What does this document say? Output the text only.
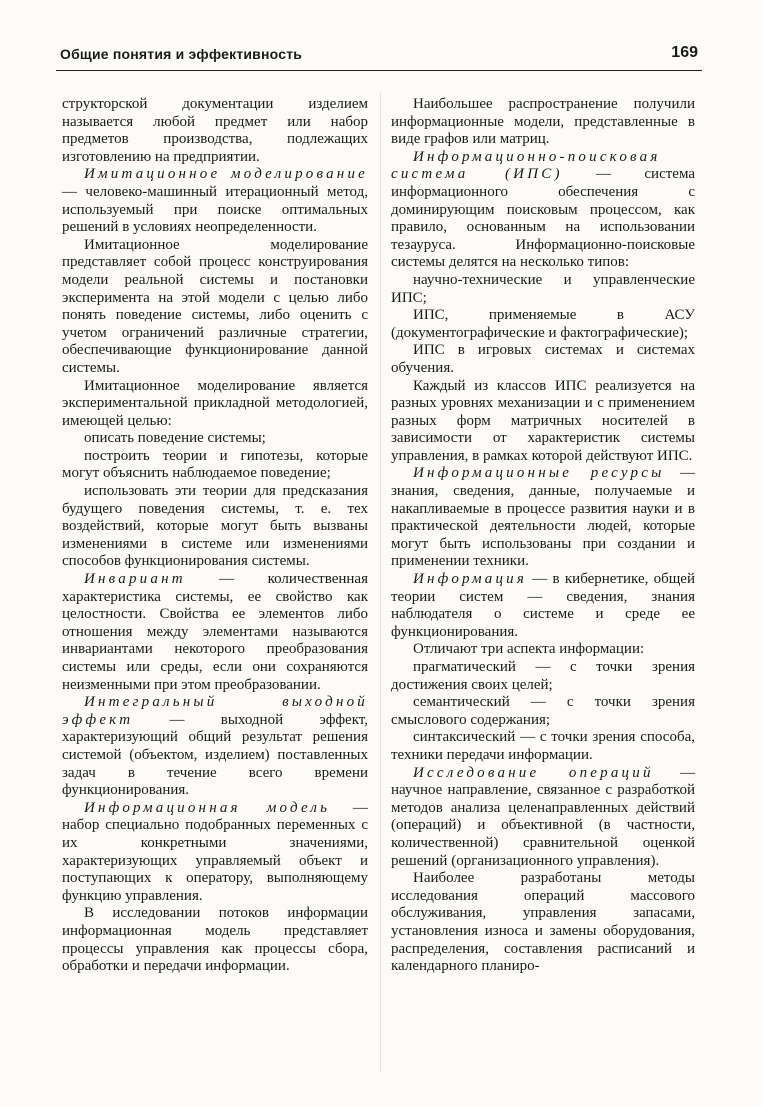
Общие понятия и эффективность	169

структорской документации изделием называется любой предмет или набор предметов производства, подлежащих изготовлению на предприятии.

Имитационное моделирование — человеко-машинный итерационный метод, используемый при поиске оптимальных решений в условиях неопределенности.

Имитационное моделирование представляет собой процесс конструирования модели реальной системы и постановки эксперимента на этой модели с целью либо понять поведение системы, либо оценить с учетом ограничений различные стратегии, обеспечивающие функционирование данной системы.

Имитационное моделирование является экспериментальной прикладной методологией, имеющей целью:

описать поведение системы;

построить теории и гипотезы, которые могут объяснить наблюдаемое поведение;

использовать эти теории для предсказания будущего поведения системы, т. е. тех воздействий, которые могут быть вызваны изменениями в системе или изменениями способов функционирования системы.

Инвариант — количественная характеристика системы, ее свойство как целостности. Свойства ее элементов либо отношения между элементами называются инвариантами некоторого преобразования системы или среды, если они сохраняются неизменными при этом преобразовании.

Интегральный выходной эффект — выходной эффект, характеризующий общий результат решения системой (объектом, изделием) поставленных задач в течение всего времени функционирования.

Информационная модель — набор специально подобранных переменных с их конкретными значениями, характеризующих управляемый объект и поступающих к оператору, выполняющему функцию управления.

В исследовании потоков информации информационная модель представляет процессы управления как процессы сбора, обработки и передачи информации.

Наибольшее распространение получили информационные модели, представленные в виде графов или матриц.

Информационно-поисковая система (ИПС) — система информационного обеспечения с доминирующим поисковым процессом, как правило, основанным на использовании тезауруса. Информационно-поисковые системы делятся на несколько типов:

научно-технические и управленческие ИПС;

ИПС, применяемые в АСУ (документографические и фактографические);

ИПС в игровых системах и системах обучения.

Каждый из классов ИПС реализуется на разных уровнях механизации и с применением разных форм матричных носителей в зависимости от характеристик системы управления, в рамках которой действуют ИПС.

Информационные ресурсы — знания, сведения, данные, получаемые и накапливаемые в процессе развития науки и в практической деятельности людей, которые могут быть использованы при создании и применении техники.

Информация — в кибернетике, общей теории систем — сведения, знания наблюдателя о системе и среде ее функционирования.

Отличают три аспекта информации:

прагматический — с точки зрения достижения своих целей;

семантический — с точки зрения смыслового содержания;

синтаксический — с точки зрения способа, техники передачи информации.

Исследование операций — научное направление, связанное с разработкой методов анализа целенаправленных действий (операций) и объективной (в частности, количественной) сравнительной оценкой решений (организационного управления).

Наиболее разработаны методы исследования операций массового обслуживания, управления запасами, установления износа и замены оборудования, распределения, составления расписаний и календарного планиро-
